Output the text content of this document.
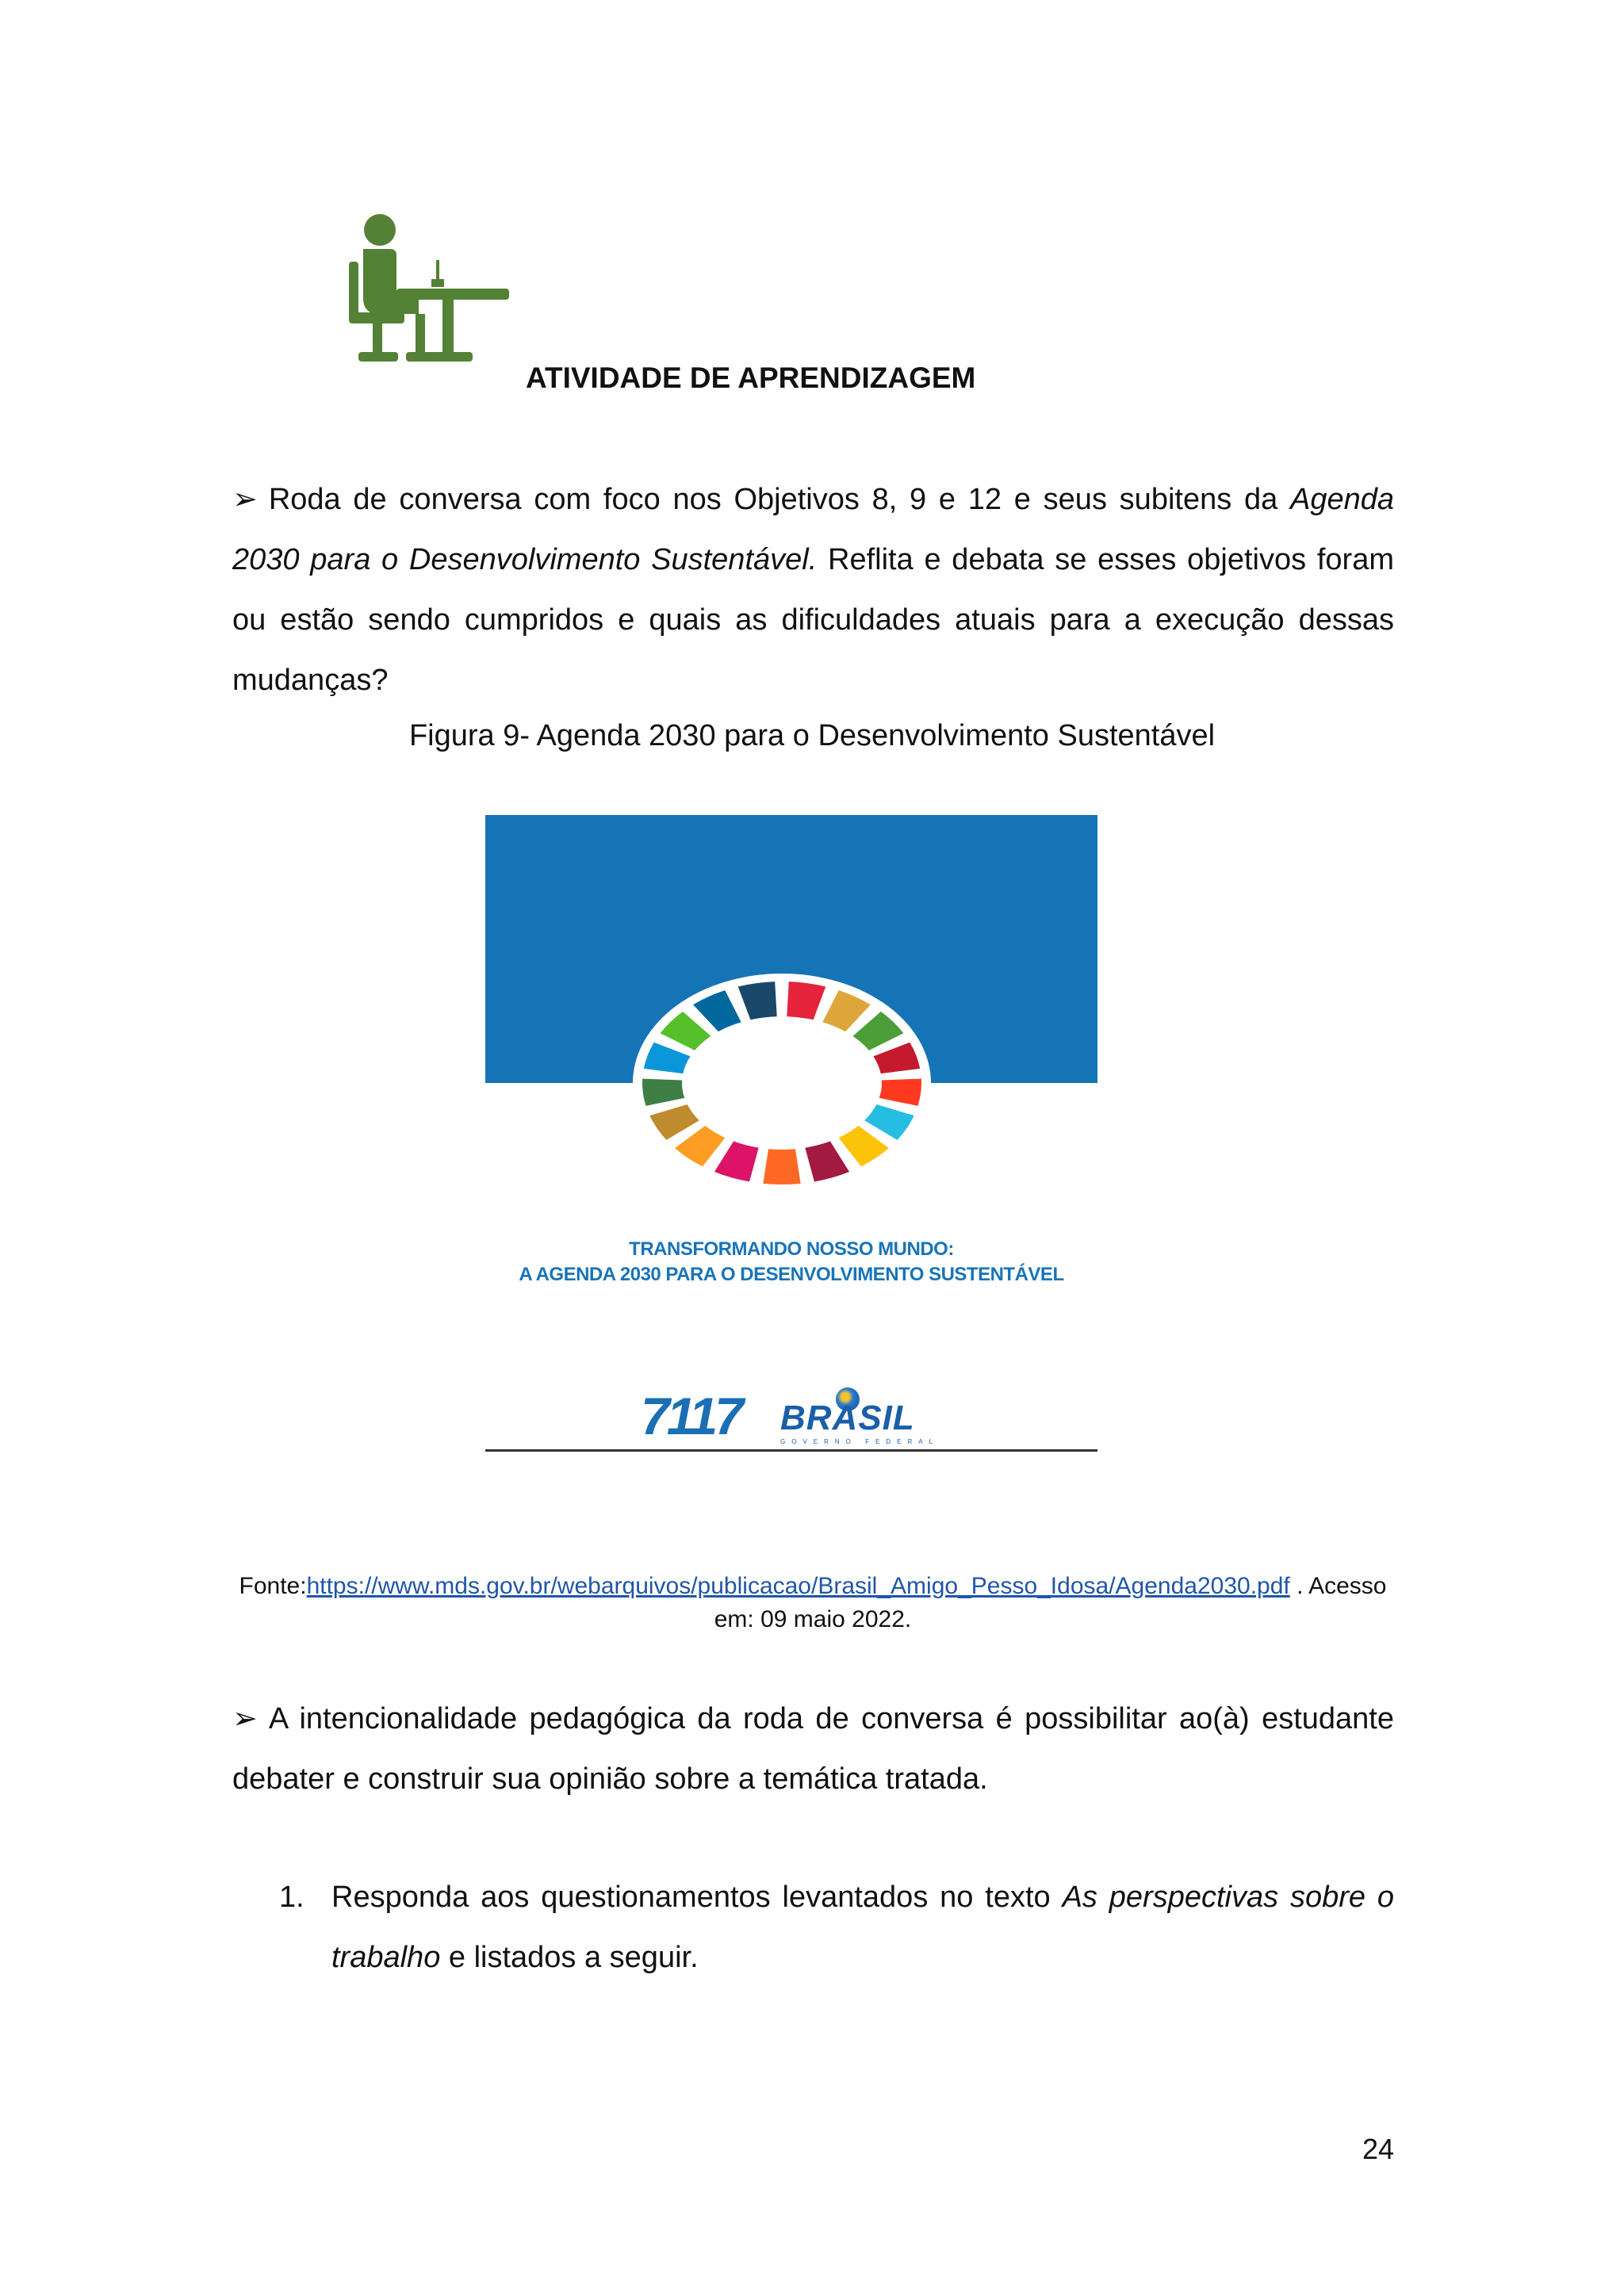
ATIVIDADE DE APRENDIZAGEM
➢ Roda de conversa com foco nos Objetivos 8, 9 e 12 e seus subitens da Agenda 2030 para o Desenvolvimento Sustentável. Reflita e debata se esses objetivos foram ou estão sendo cumpridos e quais as dificuldades atuais para a execução dessas mudanças?
Figura 9- Agenda 2030 para o Desenvolvimento Sustentável
TRANSFORMANDO NOSSO MUNDO:
A AGENDA 2030 PARA O DESENVOLVIMENTO SUSTENTÁVEL
7117 BRASIL
GOVERNO FEDERAL
Fonte:https://www.mds.gov.br/webarquivos/publicacao/Brasil_Amigo_Pesso_Idosa/Agenda2030.pdf . Acesso em: 09 maio 2022.
➢ A intencionalidade pedagógica da roda de conversa é possibilitar ao(à) estudante debater e construir sua opinião sobre a temática tratada.
1. Responda aos questionamentos levantados no texto As perspectivas sobre o trabalho e listados a seguir.
24
